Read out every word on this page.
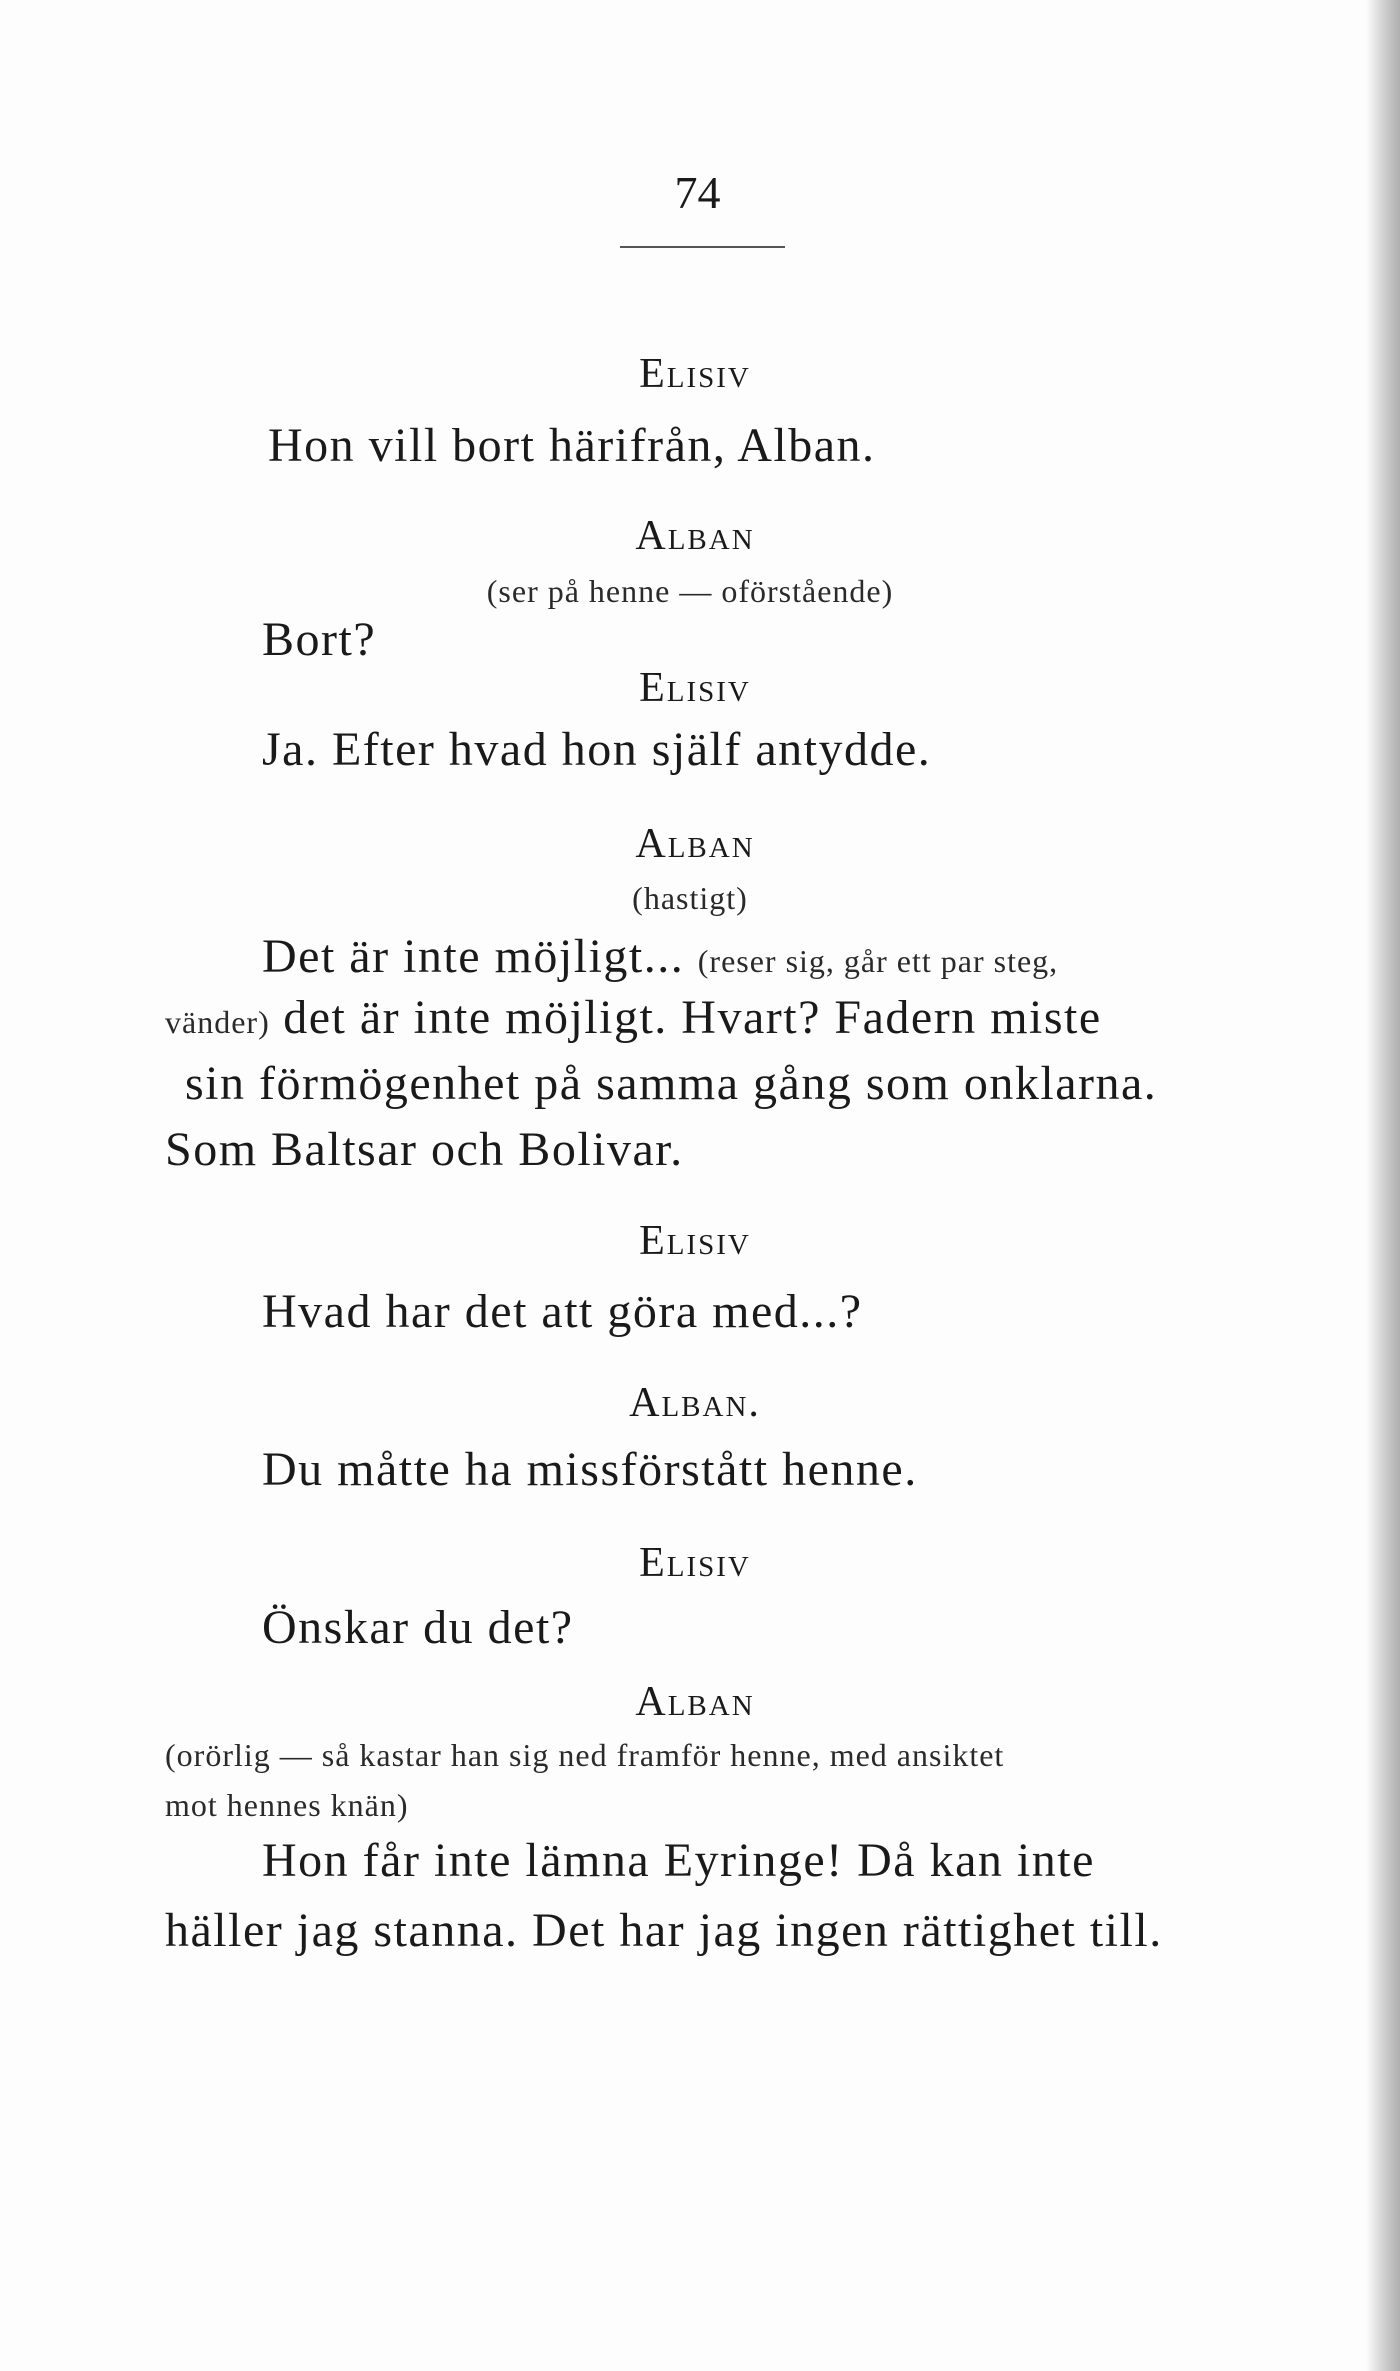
74
Elisiv
Hon vill bort härifrån, Alban.
Alban
(ser på henne — oförstående)
Bort?
Elisiv
Ja. Efter hvad hon själf antydde.
Alban
(hastigt)
Det är inte möjligt... (reser sig, går ett par steg,
vänder) det är inte möjligt. Hvart? Fadern miste
sin förmögenhet på samma gång som onklarna.
Som Baltsar och Bolivar.
Elisiv
Hvad har det att göra med...?
Alban.
Du måtte ha missförstått henne.
Elisiv
Önskar du det?
Alban
(orörlig — så kastar han sig ned framför henne, med ansiktet
mot hennes knän)
Hon får inte lämna Eyringe! Då kan inte
häller jag stanna. Det har jag ingen rättighet till.
